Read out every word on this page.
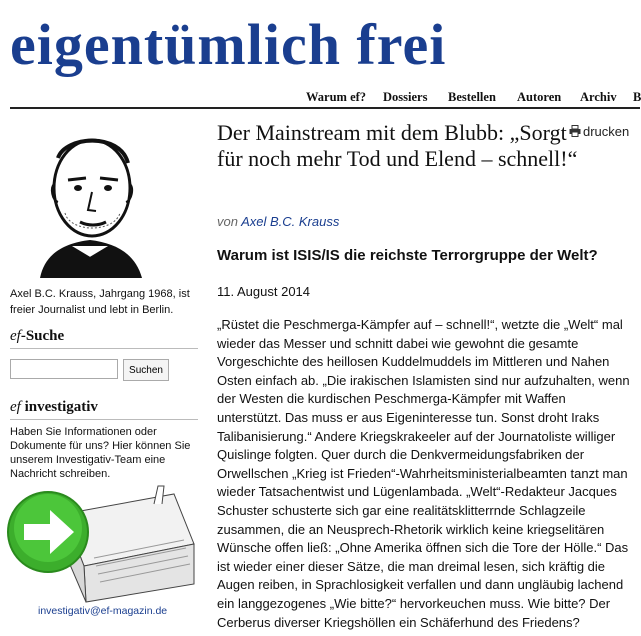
eigentümlich frei
Warum ef? Dossiers Bestellen Autoren Archiv B
Axel B.C. Krauss, Jahrgang 1968, ist freier Journalist und lebt in Berlin.
ef-Suche
Suchen
ef investigativ
Haben Sie Informationen oder Dokumente für uns? Hier können Sie unserem Investigativ-Team eine Nachricht schreiben.
investigativ@ef-magazin.de
Der Mainstream mit dem Blubb: „Sorgt für noch mehr Tod und Elend – schnell!“
drucken
von Axel B.C. Krauss
Warum ist ISIS/IS die reichste Terrorgruppe der Welt?
11. August 2014
„Rüstet die Peschmerga-Kämpfer auf – schnell!“, wetzte die „Welt“ mal wieder das Messer und schnitt dabei wie gewohnt die gesamte Vorgeschichte des heillosen Kuddelmuddels im Mittleren und Nahen Osten einfach ab. „Die irakischen Islamisten sind nur aufzuhalten, wenn der Westen die kurdischen Peschmerga-Kämpfer mit Waffen unterstützt. Das muss er aus Eigeninteresse tun. Sonst droht Iraks Talibanisierung.“ Andere Kriegskrakeeler auf der Journatoliste williger Quislinge folgten. Quer durch die Denkvermeidungsfabriken der Orwellschen „Krieg ist Frieden“-Wahrheitsministerialbeamten tanzt man wieder Tatsachentwist und Lügenlambada. „Welt“-Redakteur Jacques Schuster schusterte sich gar eine realitätsklitterrnde Schlagzeile zusammen, die an Neusprech-Rhetorik wirklich keine kriegselitären Wünsche offen ließ: „Ohne Amerika öffnen sich die Tore der Hölle.“ Das ist wieder einer dieser Sätze, die man dreimal lesen, sich kräftig die Augen reiben, in Sprachlosigkeit verfallen und dann ungläubig lachend ein langgezogenes „Wie bitte?“ hervorkeuchen muss. Wie bitte? Der Cerberus diverser Kriegshöllen ein Schäferhund des Friedens?
